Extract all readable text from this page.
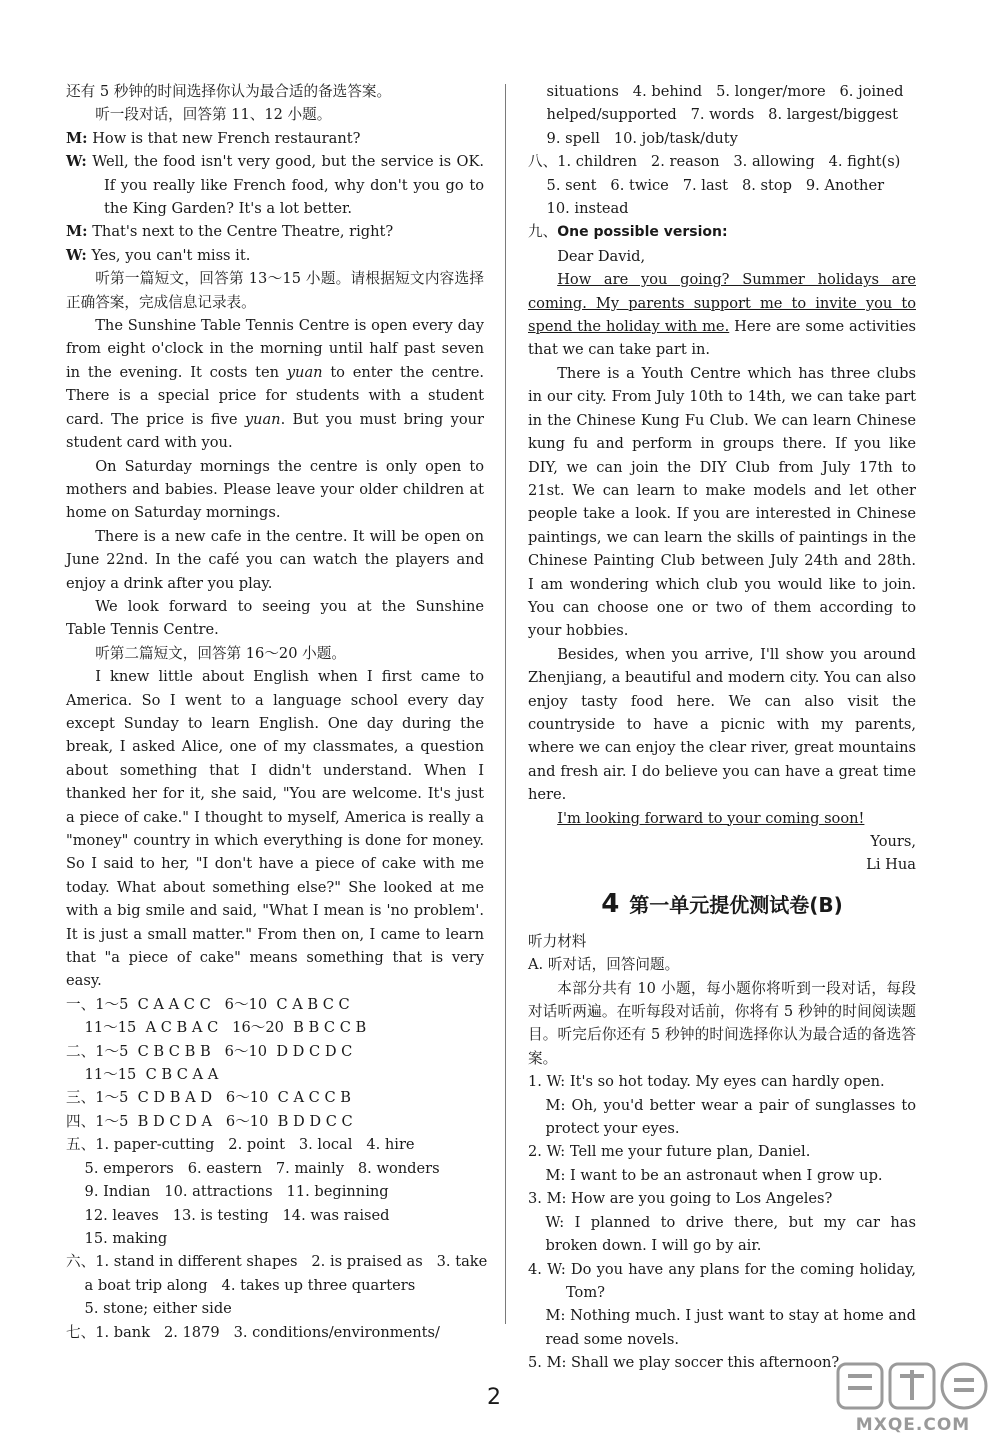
还有 5 秒钟的时间选择你认为最合适的备选答案。

听一段对话，回答第 11、12 小题。

M: How is that new French restaurant?

W: Well, the food isn't very good, but the service is OK. If you really like French food, why don't you go to the King Garden? It's a lot better.

M: That's next to the Centre Theatre, right?

W: Yes, you can't miss it.

听第一篇短文，回答第 13～15 小题。请根据短文内容选择正确答案，完成信息记录表。

The Sunshine Table Tennis Centre is open every day from eight o'clock in the morning until half past seven in the evening. It costs ten yuan to enter the centre. There is a special price for students with a student card. The price is five yuan. But you must bring your student card with you.

On Saturday mornings the centre is only open to mothers and babies. Please leave your older children at home on Saturday mornings.

There is a new cafe in the centre. It will be open on June 22nd. In the café you can watch the players and enjoy a drink after you play.

We look forward to seeing you at the Sunshine Table Tennis Centre.

听第二篇短文，回答第 16～20 小题。

I knew little about English when I first came to America. So I went to a language school every day except Sunday to learn English. One day during the break, I asked Alice, one of my classmates, a question about something that I didn't understand. When I thanked her for it, she said, "You are welcome. It's just a piece of cake." I thought to myself, America is really a "money" country in which everything is done for money. So I said to her, "I don't have a piece of cake with me today. What about something else?" She looked at me with a big smile and said, "What I mean is 'no problem'. It is just a small matter." From then on, I came to learn that "a piece of cake" means something that is very easy.

一、1～5  C A A C C   6～10  C A B C C

11～15  A C B A C   16～20  B B C C B

二、1～5  C B C B B   6～10  D D C D C

11～15  C B C A A

三、1～5  C D B A D   6～10  C A C C B

四、1～5  B D C D A   6～10  B D D C C

五、1. paper-cutting   2. point   3. local   4. hire

5. emperors   6. eastern   7. mainly   8. wonders

9. Indian   10. attractions   11. beginning

12. leaves   13. is testing   14. was raised

15. making

六、1. stand in different shapes   2. is praised as   3. take

a boat trip along   4. takes up three quarters

5. stone; either side

七、1. bank   2. 1879   3. conditions/environments/

situations   4. behind   5. longer/more   6. joined

helped/supported   7. words   8. largest/biggest

9. spell   10. job/task/duty

八、1. children   2. reason   3. allowing   4. fight(s)

5. sent   6. twice   7. last   8. stop   9. Another

10. instead

九、One possible version:

Dear David,

How are you going? Summer holidays are coming. My parents support me to invite you to spend the holiday with me. Here are some activities that we can take part in.

There is a Youth Centre which has three clubs in our city. From July 10th to 14th, we can take part in the Chinese Kung Fu Club. We can learn Chinese kung fu and perform in groups there. If you like DIY, we can join the DIY Club from July 17th to 21st. We can learn to make models and let other people take a look. If you are interested in Chinese paintings, we can learn the skills of paintings in the Chinese Painting Club between July 24th and 28th. I am wondering which club you would like to join. You can choose one or two of them according to your hobbies.

Besides, when you arrive, I'll show you around Zhenjiang, a beautiful and modern city. You can also enjoy tasty food here. We can also visit the countryside to have a picnic with my parents, where we can enjoy the clear river, great mountains and fresh air. I do believe you can have a great time here.

I'm looking forward to your coming soon!

Yours,

Li Hua

4 第一单元提优测试卷(B)

听力材料

A. 听对话，回答问题。

本部分共有 10 小题，每小题你将听到一段对话，每段对话听两遍。在听每段对话前，你将有 5 秒钟的时间阅读题目。听完后你还有 5 秒钟的时间选择你认为最合适的备选答案。

1. W: It's so hot today. My eyes can hardly open.

M: Oh, you'd better wear a pair of sunglasses to protect your eyes.

2. W: Tell me your future plan, Daniel.

M: I want to be an astronaut when I grow up.

3. M: How are you going to Los Angeles?

W: I planned to drive there, but my car has broken down. I will go by air.

4. W: Do you have any plans for the coming holiday, Tom?

M: Nothing much. I just want to stay at home and read some novels.

5. M: Shall we play soccer this afternoon?

2
MXQE.COM
